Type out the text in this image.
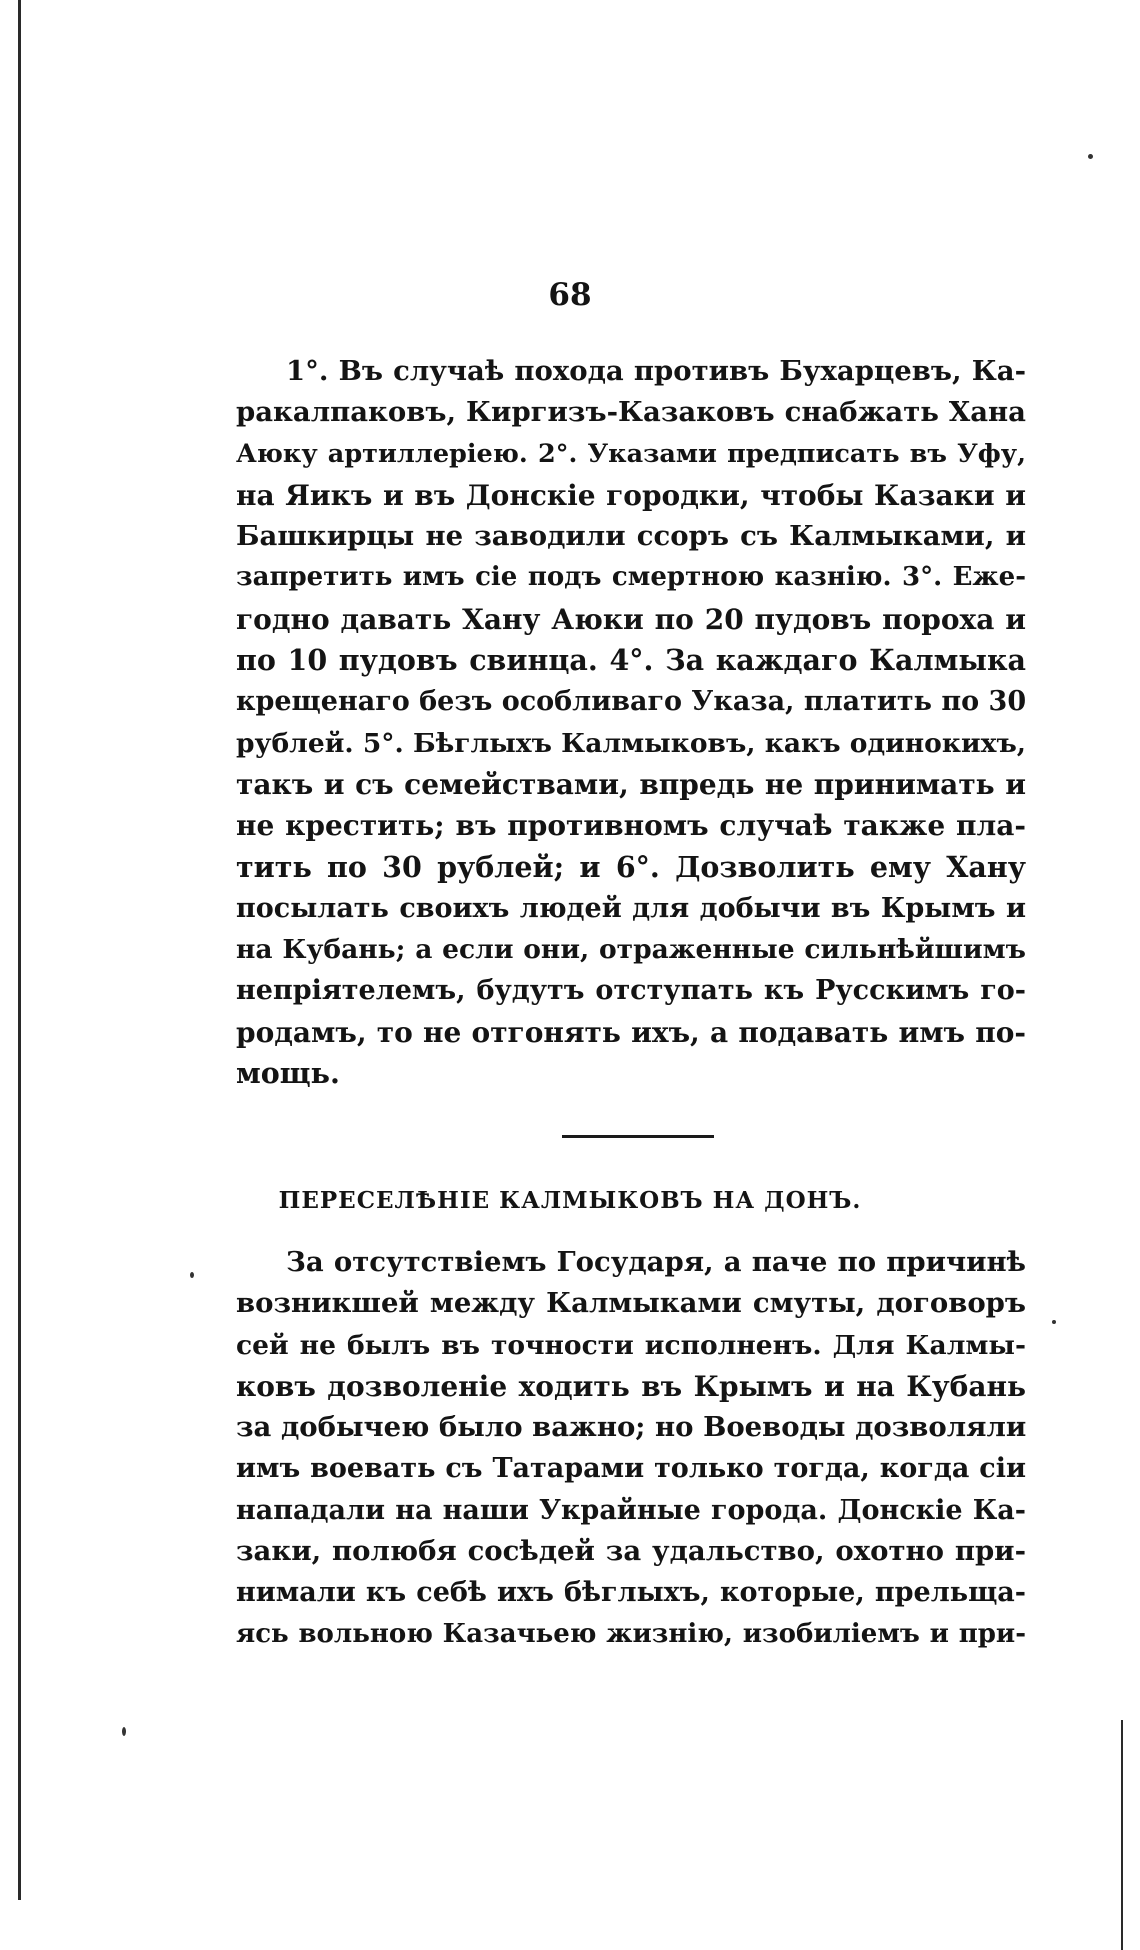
68
1°. Въ случаѣ похода противъ Бухарцевъ, Ка-
ракалпаковъ, Киргизъ-Казаковъ снабжать Хана
Аюку артиллеріею. 2°. Указами предписать въ Уфу,
на Яикъ и въ Донскіе городки, чтобы Казаки и
Башкирцы не заводили ссоръ съ Калмыками, и
запретить имъ сіе подъ смертною казнію. 3°. Еже-
годно давать Хану Аюки по 20 пудовъ пороха и
по 10 пудовъ свинца. 4°. За каждаго Калмыка
крещенаго безъ особливаго Указа, платить по 30
рублей. 5°. Бѣглыхъ Калмыковъ, какъ одинокихъ,
такъ и съ семействами, впредь не принимать и
не крестить; въ противномъ случаѣ также пла-
тить по 30 рублей; и 6°. Дозволить ему Хану
посылать своихъ людей для добычи въ Крымъ и
на Кубань; а если они, отраженные сильнѣйшимъ
непріятелемъ, будутъ отступать къ Русскимъ го-
родамъ, то не отгонять ихъ, а подавать имъ по-
мощь.
ПЕРЕСЕЛѢНІЕ КАЛМЫКОВЪ НА ДОНЪ.
За отсутствіемъ Государя, а паче по причинѣ
возникшей между Калмыками смуты, договоръ
сей не былъ въ точности исполненъ. Для Калмы-
ковъ дозволеніе ходить въ Крымъ и на Кубань
за добычею было важно; но Воеводы дозволяли
имъ воевать съ Татарами только тогда, когда сіи
нападали на наши Украйные города. Донскіе Ка-
заки, полюбя сосѣдей за удальство, охотно при-
нимали къ себѣ ихъ бѣглыхъ, которые, прельща-
ясь вольною Казачьею жизнію, изобиліемъ и при-
